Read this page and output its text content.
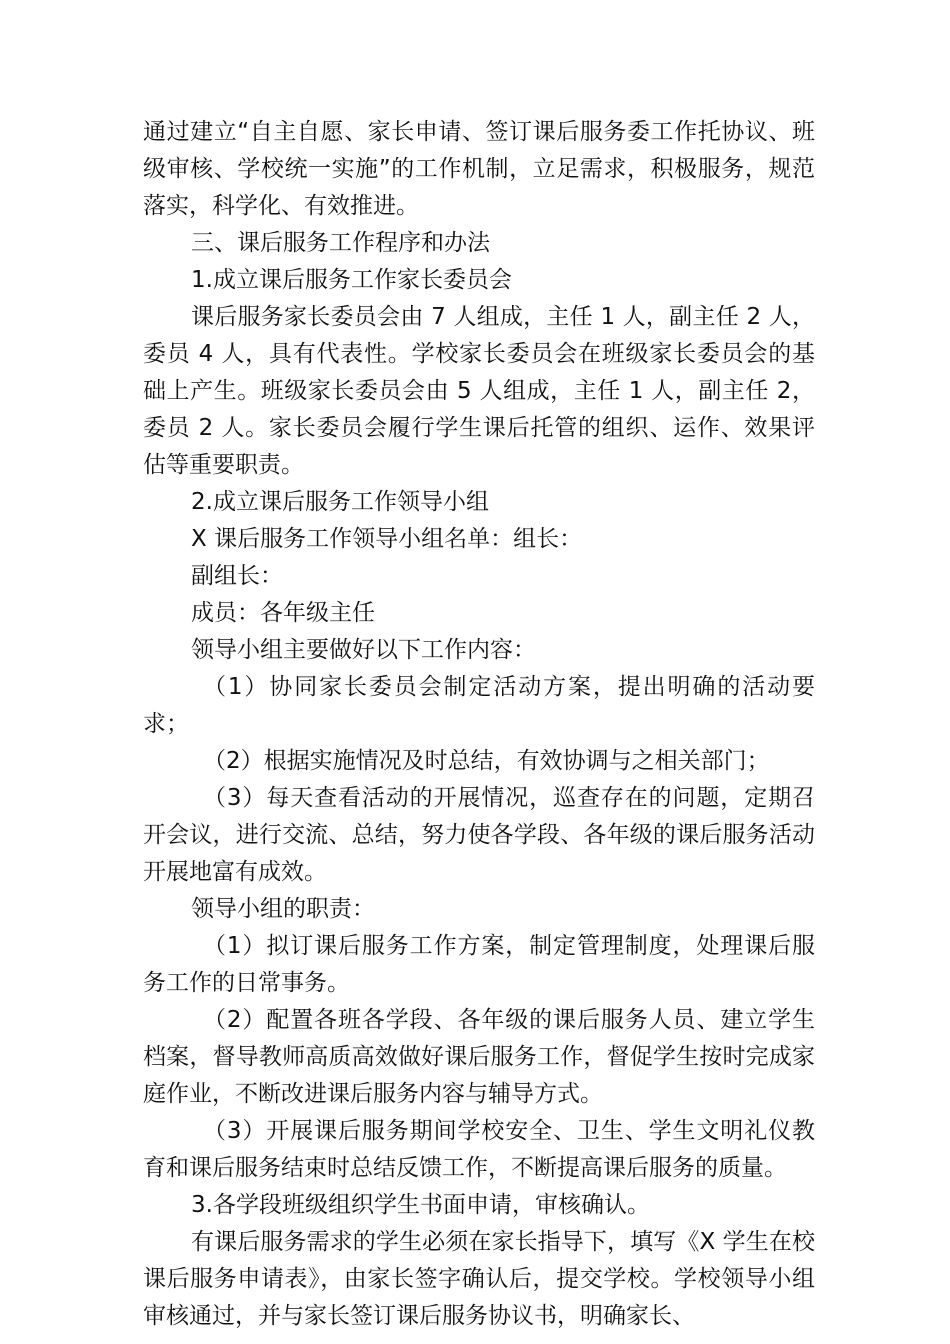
通过建立“自主自愿、家长申请、签订课后服务委工作托协议、班级审核、学校统一实施”的工作机制，立足需求，积极服务，规范落实，科学化、有效推进。

三、课后服务工作程序和办法

1.成立课后服务工作家长委员会

课后服务家长委员会由 7 人组成，主任 1 人，副主任 2 人，委员 4 人，具有代表性。学校家长委员会在班级家长委员会的基础上产生。班级家长委员会由 5 人组成，主任 1 人，副主任 2，委员 2 人。家长委员会履行学生课后托管的组织、运作、效果评估等重要职责。

2.成立课后服务工作领导小组

X 课后服务工作领导小组名单：组长：

副组长：

成员：各年级主任

领导小组主要做好以下工作内容：

（1）协同家长委员会制定活动方案，提出明确的活动要求；

（2）根据实施情况及时总结，有效协调与之相关部门；

（3）每天查看活动的开展情况，巡查存在的问题，定期召开会议，进行交流、总结，努力使各学段、各年级的课后服务活动开展地富有成效。

领导小组的职责：

（1）拟订课后服务工作方案，制定管理制度，处理课后服务工作的日常事务。

（2）配置各班各学段、各年级的课后服务人员、建立学生档案，督导教师高质高效做好课后服务工作，督促学生按时完成家庭作业，不断改进课后服务内容与辅导方式。

（3）开展课后服务期间学校安全、卫生、学生文明礼仪教育和课后服务结束时总结反馈工作，不断提高课后服务的质量。

3.各学段班级组织学生书面申请，审核确认。

有课后服务需求的学生必须在家长指导下，填写《X 学生在校课后服务申请表》，由家长签字确认后，提交学校。学校领导小组审核通过，并与家长签订课后服务协议书，明确家长、
